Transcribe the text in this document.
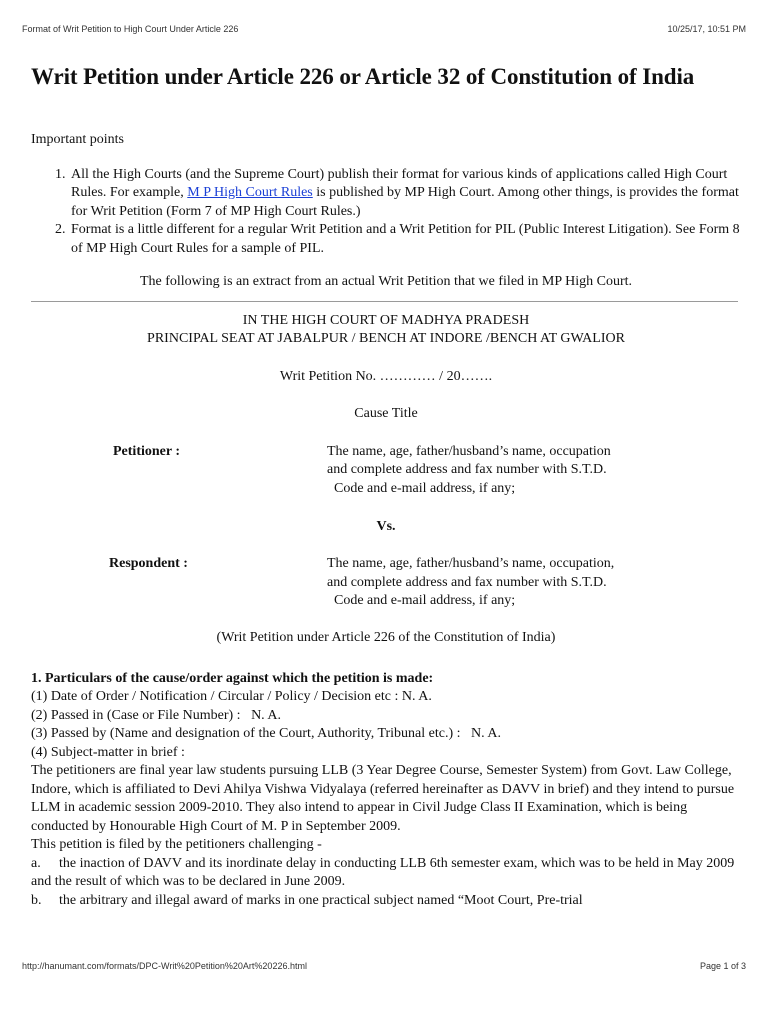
Format of Writ Petition to High Court Under Article 226	10/25/17, 10:51 PM
Writ Petition under Article 226 or Article 32 of Constitution of India

Important points

1. All the High Courts (and the Supreme Court) publish their format for various kinds of applications called High Court Rules. For example, M P High Court Rules is published by MP High Court. Among other things, is provides the format for Writ Petition (Form 7 of MP High Court Rules.)
2. Format is a little different for a regular Writ Petition and a Writ Petition for PIL (Public Interest Litigation). See Form 8 of MP High Court Rules for a sample of PIL.

The following is an extract from an actual Writ Petition that we filed in MP High Court.

IN THE HIGH COURT OF MADHYA PRADESH

PRINCIPAL SEAT AT JABALPUR / BENCH AT INDORE /BENCH AT GWALIOR

Writ Petition No. ………… / 20…….

Cause Title

Petitioner :	The name, age, father/husband’s name, occupation
and complete address and fax number with S.T.D.
Code and e-mail address, if any;

Vs.

Respondent :	The name, age, father/husband’s name, occupation,
and complete address and fax number with S.T.D.
Code and e-mail address, if any;

(Writ Petition under Article 226 of the Constitution of India)

1. Particulars of the cause/order against which the petition is made:

(1) Date of Order / Notification / Circular / Policy / Decision etc : N. A.

(2) Passed in (Case or File Number) :   N. A.

(3) Passed by (Name and designation of the Court, Authority, Tribunal etc.) :   N. A.

(4) Subject-matter in brief :

The petitioners are final year law students pursuing LLB (3 Year Degree Course, Semester System) from Govt. Law College, Indore, which is affiliated to Devi Ahilya Vishwa Vidyalaya (referred hereinafter as DAVV in brief) and they intend to pursue LLM in academic session 2009-2010. They also intend to appear in Civil Judge Class II Examination, which is being conducted by Honourable High Court of M. P in September 2009.

This petition is filed by the petitioners challenging -

a. the inaction of DAVV and its inordinate delay in conducting LLB 6th semester exam, which was to be held in May 2009 and the result of which was to be declared in June 2009.

b. the arbitrary and illegal award of marks in one practical subject named “Moot Court, Pre-trial

http://hanumant.com/formats/DPC-Writ%20Petition%20Art%20226.html	Page 1 of 3
